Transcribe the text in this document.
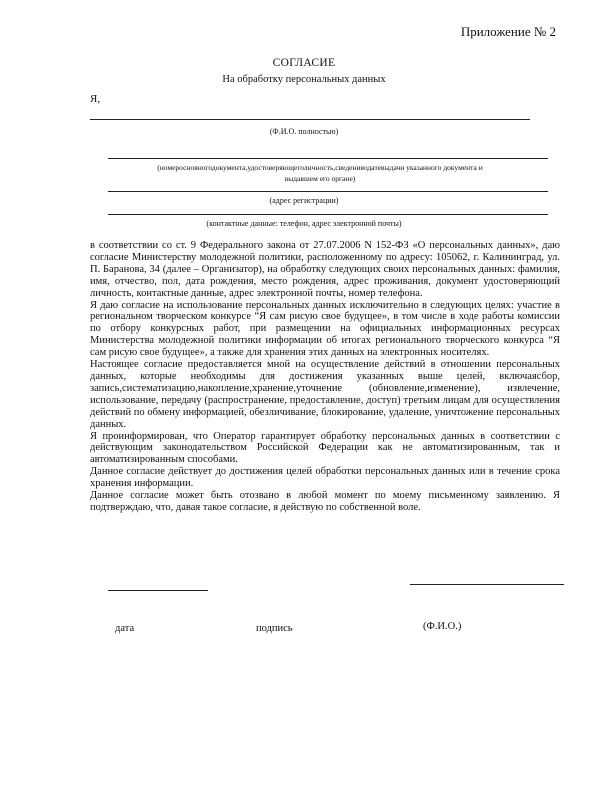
Приложение № 2
СОГЛАСИЕ
На обработку персональных данных
Я,
(Ф.И.О. полностью)
(номеросновногодокумента,удостоверяющеголичность,сведенияодатевыдачи указанного документа и выдавшем его органе)
(адрес регистрации)
(контактные данные: телефон, адрес электронной почты)

в соответствии со ст. 9 Федерального закона от 27.07.2006 N 152-ФЗ «О персональных данных», даю согласие Министерству молодежной политики, расположенному по адресу: 105062, г. Калининград, ул. П. Баранова, 34 (далее – Организатор), на обработку следующих своих персональных данных: фамилия, имя, отчество, пол, дата рождения, место рождения, адрес проживания, документ удостоверяющий личность, контактные данные, адрес электронной почты, номер телефона.

Я даю согласие на использование персональных данных исключительно в следующих целях: участие в региональном творческом конкурсе “Я сам рисую свое будущее», в том числе в ходе работы комиссии по отбору конкурсных работ, при размещении на официальных информационных ресурсах Министерства молодежной политики информации об итогах регионального творческого конкурса “Я сам рисую свое будущее», а также для хранения этих данных на электронных носителях.

Настоящее согласие предоставляется мной на осуществление действий в отношении персональных данных, которые необходимы для достижения указанных выше целей, включаясбор, запись,систематизацию,накопление,хранение,уточнение (обновление,изменение), извлечение, использование, передачу (распространение, предоставление, доступ) третьим лицам для осуществления действий по обмену информацией, обезличивание, блокирование, удаление, уничтожение персональных данных.

Я проинформирован, что Оператор гарантирует обработку персональных данных в соответствии с действующим законодательством Российской Федерации как не автоматизированным, так и автоматизированным способами.

Данное согласие действует до достижения целей обработки персональных данных или в течение срока хранения информации.

Данное согласие может быть отозвано в любой момент по моему письменному заявлению. Я подтверждаю, что, давая такое согласие, я действую по собственной воле.

дата	подпись	(Ф.И.О.)
